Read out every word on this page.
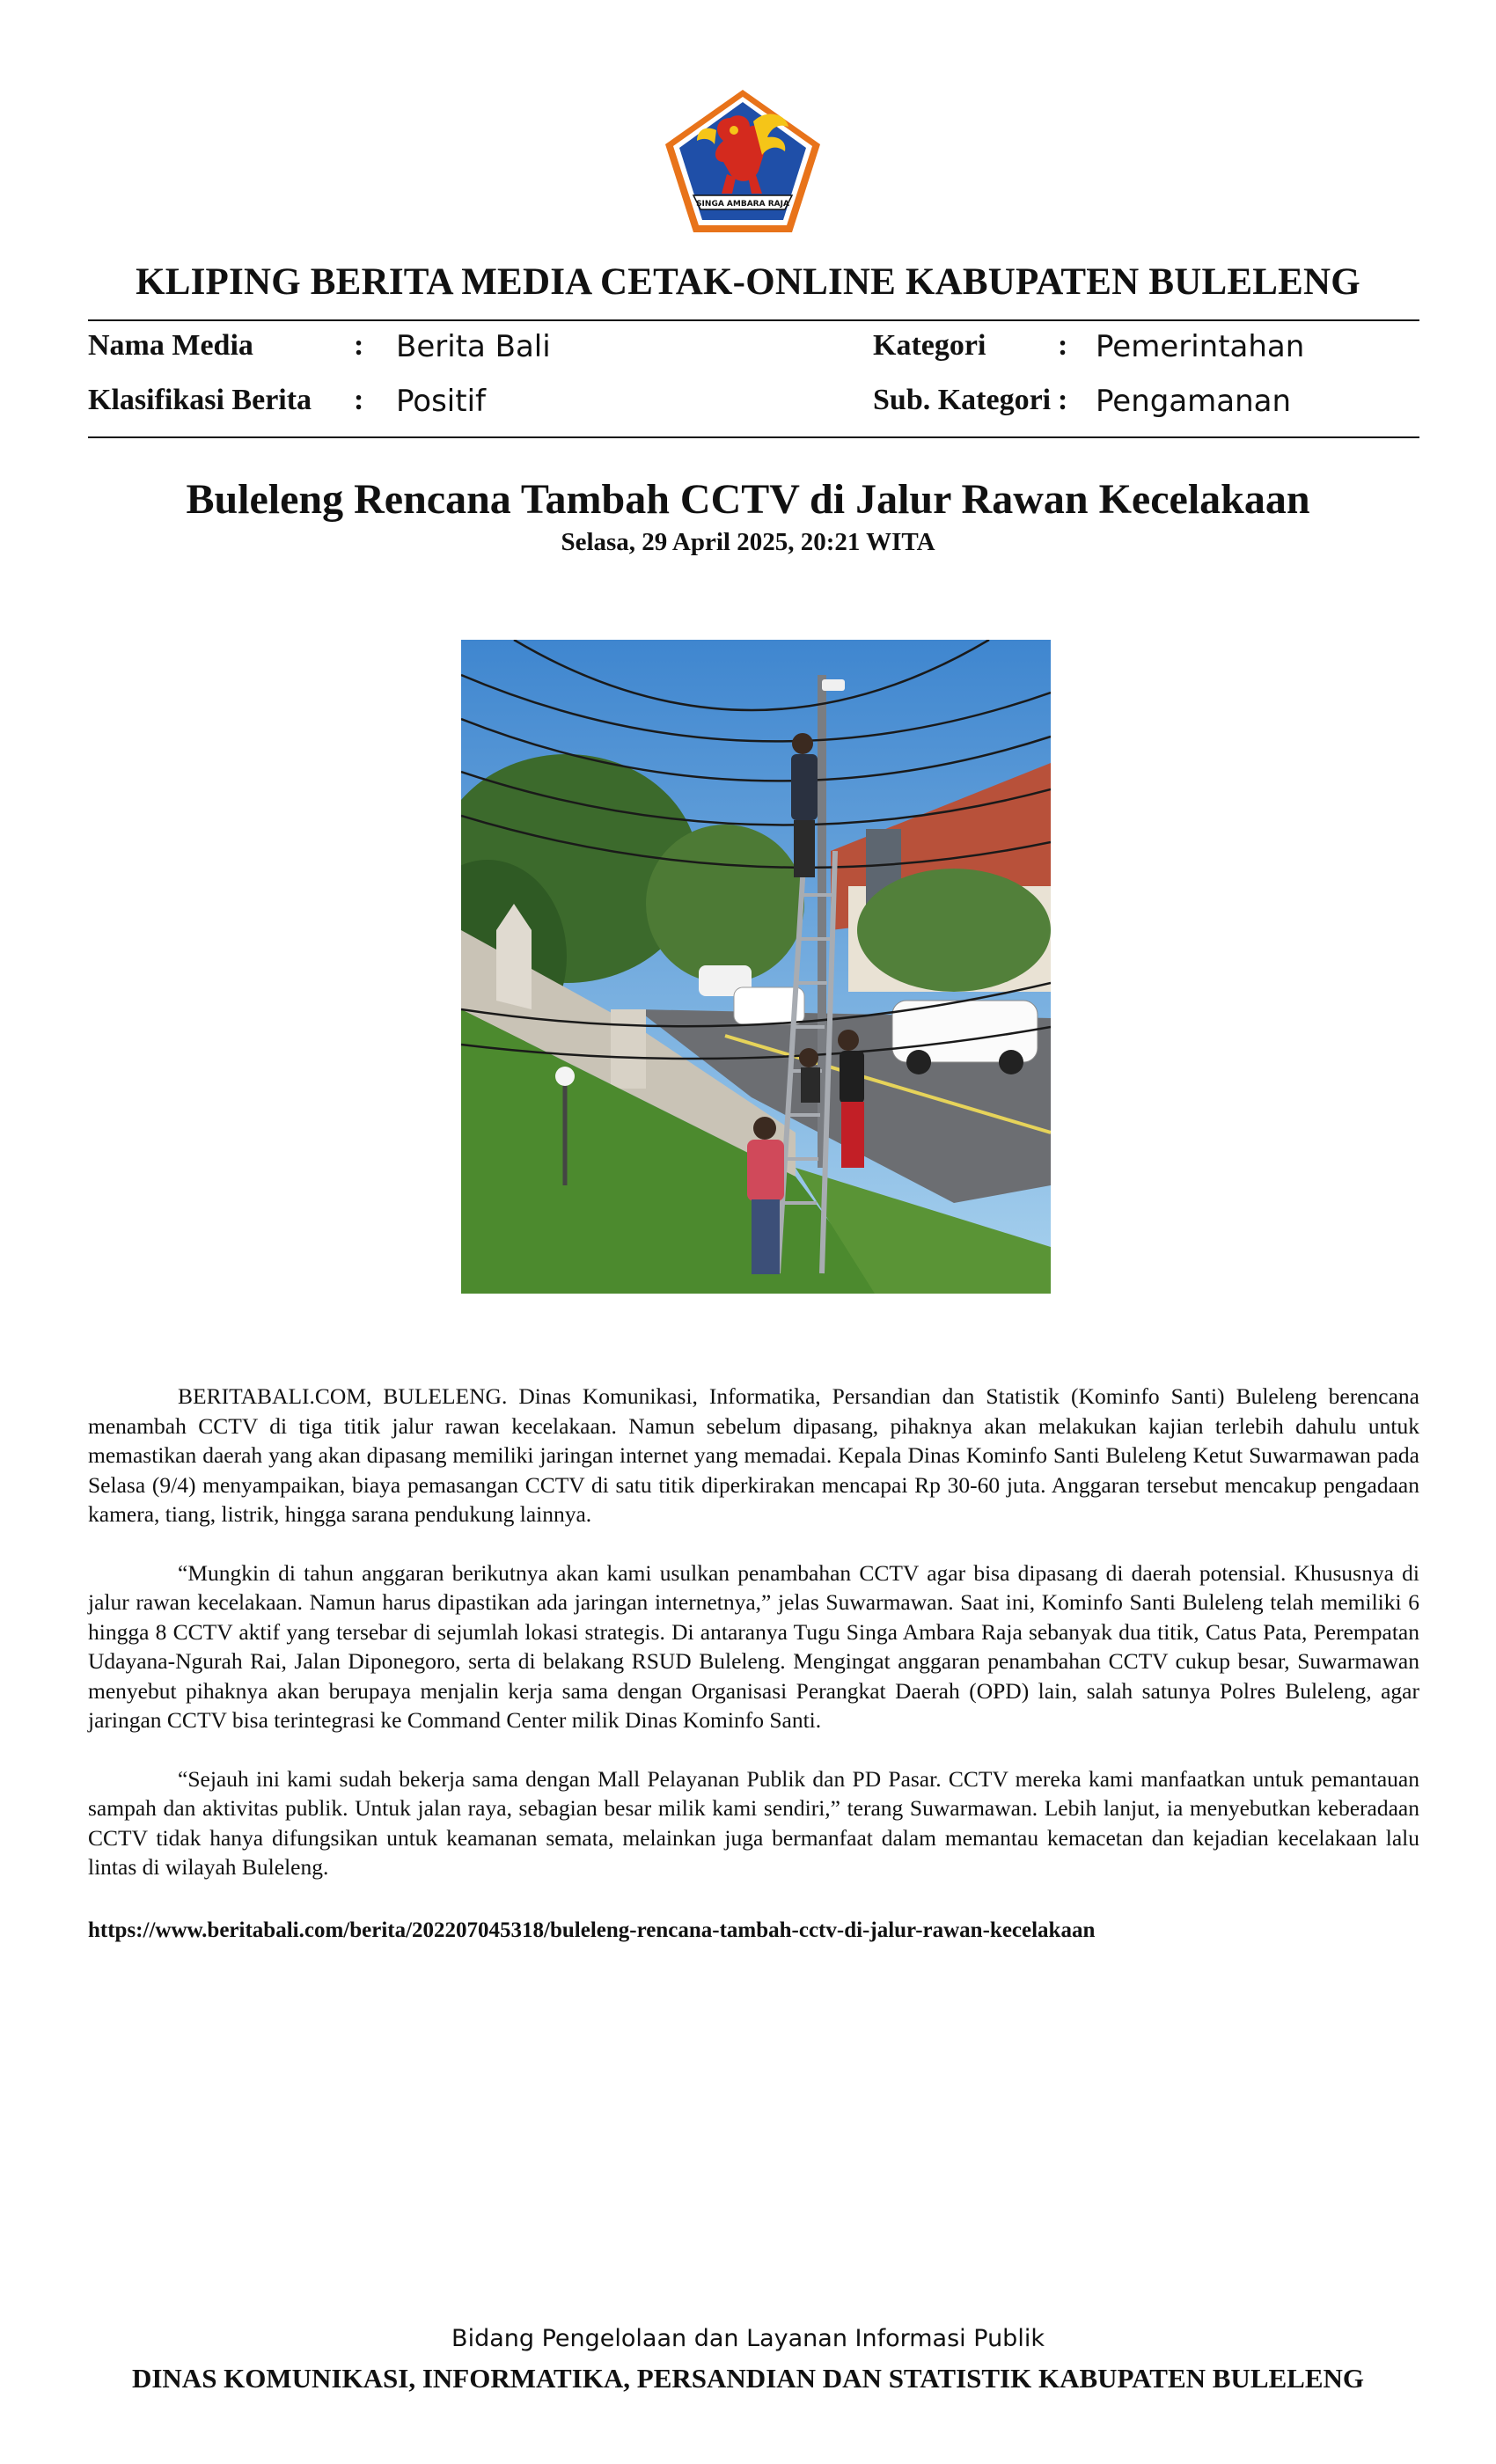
SINGA AMBARA RAJA
KLIPING BERITA MEDIA CETAK-ONLINE KABUPATEN BULELENG
Nama Media	: Berita Bali	Kategori : Pemerintahan
Klasifikasi Berita : Positif	Sub. Kategori : Pengamanan
Buleleng Rencana Tambah CCTV di Jalur Rawan Kecelakaan
Selasa, 29 April 2025, 20:21 WITA

BERITABALI.COM, BULELENG. Dinas Komunikasi, Informatika, Persandian dan Statistik (Kominfo Santi) Buleleng berencana menambah CCTV di tiga titik jalur rawan kecelakaan. Namun sebelum dipasang, pihaknya akan melakukan kajian terlebih dahulu untuk memastikan daerah yang akan dipasang memiliki jaringan internet yang memadai. Kepala Dinas Kominfo Santi Buleleng Ketut Suwarmawan pada Selasa (9/4) menyampaikan, biaya pemasangan CCTV di satu titik diperkirakan mencapai Rp 30-60 juta. Anggaran tersebut mencakup pengadaan kamera, tiang, listrik, hingga sarana pendukung lainnya.

“Mungkin di tahun anggaran berikutnya akan kami usulkan penambahan CCTV agar bisa dipasang di daerah potensial. Khususnya di jalur rawan kecelakaan. Namun harus dipastikan ada jaringan internetnya,” jelas Suwarmawan. Saat ini, Kominfo Santi Buleleng telah memiliki 6 hingga 8 CCTV aktif yang tersebar di sejumlah lokasi strategis. Di antaranya Tugu Singa Ambara Raja sebanyak dua titik, Catus Pata, Perempatan Udayana-Ngurah Rai, Jalan Diponegoro, serta di belakang RSUD Buleleng. Mengingat anggaran penambahan CCTV cukup besar, Suwarmawan menyebut pihaknya akan berupaya menjalin kerja sama dengan Organisasi Perangkat Daerah (OPD) lain, salah satunya Polres Buleleng, agar jaringan CCTV bisa terintegrasi ke Command Center milik Dinas Kominfo Santi.

“Sejauh ini kami sudah bekerja sama dengan Mall Pelayanan Publik dan PD Pasar. CCTV mereka kami manfaatkan untuk pemantauan sampah dan aktivitas publik. Untuk jalan raya, sebagian besar milik kami sendiri,” terang Suwarmawan. Lebih lanjut, ia menyebutkan keberadaan CCTV tidak hanya difungsikan untuk keamanan semata, melainkan juga bermanfaat dalam memantau kemacetan dan kejadian kecelakaan lalu lintas di wilayah Buleleng.

https://www.beritabali.com/berita/202207045318/buleleng-rencana-tambah-cctv-di-jalur-rawan-kecelakaan
Bidang Pengelolaan dan Layanan Informasi Publik
DINAS KOMUNIKASI, INFORMATIKA, PERSANDIAN DAN STATISTIK KABUPATEN BULELENG
